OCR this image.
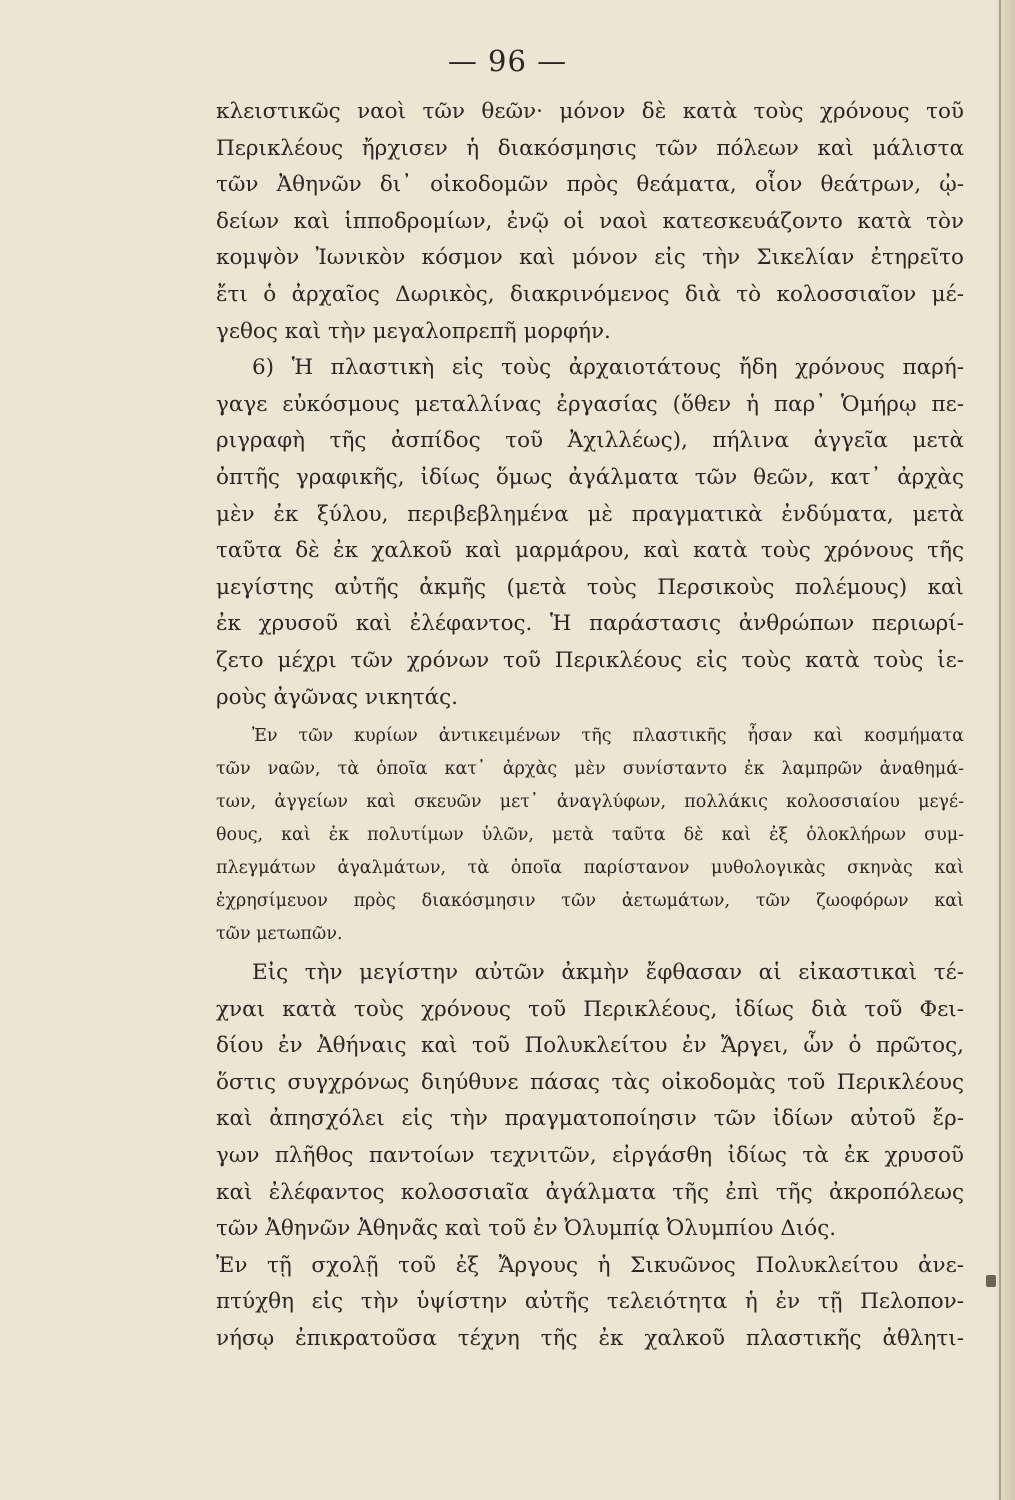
— 96 —
κλειστικῶς ναοὶ τῶν θεῶν· μόνον δὲ κατὰ τοὺς χρόνους τοῦ
Περικλέους ἤρχισεν ἡ διακόσμησις τῶν πόλεων καὶ μάλιστα
τῶν Ἀθηνῶν δι᾽ οἰκοδομῶν πρὸς θεάματα, οἷον θεάτρων, ᾠ-
δείων καὶ ἱπποδρομίων, ἐνῷ οἱ ναοὶ κατεσκευάζοντο κατὰ τὸν
κομψὸν Ἰωνικὸν κόσμον καὶ μόνον εἰς τὴν Σικελίαν ἐτηρεῖτο
ἔτι ὁ ἀρχαῖος Δωρικὸς, διακρινόμενος διὰ τὸ κολοσσιαῖον μέ-
γεθος καὶ τὴν μεγαλοπρεπῆ μορφήν.
6) Ἡ πλαστικὴ εἰς τοὺς ἀρχαιοτάτους ἤδη χρόνους παρή-
γαγε εὐκόσμους μεταλλίνας ἐργασίας (ὅθεν ἡ παρ᾽ Ὁμήρῳ πε-
ριγραφὴ τῆς ἀσπίδος τοῦ Ἀχιλλέως), πήλινα ἀγγεῖα μετὰ
ὀπτῆς γραφικῆς, ἰδίως ὅμως ἀγάλματα τῶν θεῶν, κατ᾽ ἀρχὰς
μὲν ἐκ ξύλου, περιβεβλημένα μὲ πραγματικὰ ἐνδύματα, μετὰ
ταῦτα δὲ ἐκ χαλκοῦ καὶ μαρμάρου, καὶ κατὰ τοὺς χρόνους τῆς
μεγίστης αὐτῆς ἀκμῆς (μετὰ τοὺς Περσικοὺς πολέμους) καὶ
ἐκ χρυσοῦ καὶ ἐλέφαντος. Ἡ παράστασις ἀνθρώπων περιωρί-
ζετο μέχρι τῶν χρόνων τοῦ Περικλέους εἰς τοὺς κατὰ τοὺς ἱε-
ροὺς ἀγῶνας νικητάς.
Ἐν τῶν κυρίων ἀντικειμένων τῆς πλαστικῆς ἦσαν καὶ κοσμήματα
τῶν ναῶν, τὰ ὁποῖα κατ᾽ ἀρχὰς μὲν συνίσταντο ἐκ λαμπρῶν ἀναθημά-
των, ἀγγείων καὶ σκευῶν μετ᾽ ἀναγλύφων, πολλάκις κολοσσιαίου μεγέ-
θους, καὶ ἐκ πολυτίμων ὑλῶν, μετὰ ταῦτα δὲ καὶ ἐξ ὁλοκλήρων συμ-
πλεγμάτων ἀγαλμάτων, τὰ ὁποῖα παρίστανον μυθολογικὰς σκηνὰς καὶ
ἐχρησίμευον πρὸς διακόσμησιν τῶν ἀετωμάτων, τῶν ζωοφόρων καὶ
τῶν μετωπῶν.
Εἰς τὴν μεγίστην αὐτῶν ἀκμὴν ἔφθασαν αἱ εἰκαστικαὶ τέ-
χναι κατὰ τοὺς χρόνους τοῦ Περικλέους, ἰδίως διὰ τοῦ Φει-
δίου ἐν Ἀθήναις καὶ τοῦ Πολυκλείτου ἐν Ἄργει, ὧν ὁ πρῶτος,
ὅστις συγχρόνως διηύθυνε πάσας τὰς οἰκοδομὰς τοῦ Περικλέους
καὶ ἀπησχόλει εἰς τὴν πραγματοποίησιν τῶν ἰδίων αὐτοῦ ἔρ-
γων πλῆθος παντοίων τεχνιτῶν, εἰργάσθη ἰδίως τὰ ἐκ χρυσοῦ
καὶ ἐλέφαντος κολοσσιαῖα ἀγάλματα τῆς ἐπὶ τῆς ἀκροπόλεως
τῶν Ἀθηνῶν Ἀθηνᾶς καὶ τοῦ ἐν Ὀλυμπίᾳ Ὀλυμπίου Διός.
Ἐν τῇ σχολῇ τοῦ ἐξ Ἄργους ἡ Σικυῶνος Πολυκλείτου ἀνε-
πτύχθη εἰς τὴν ὑψίστην αὐτῆς τελειότητα ἡ ἐν τῇ Πελοπον-
νήσῳ ἐπικρατοῦσα τέχνη τῆς ἐκ χαλκοῦ πλαστικῆς ἀθλητι-
